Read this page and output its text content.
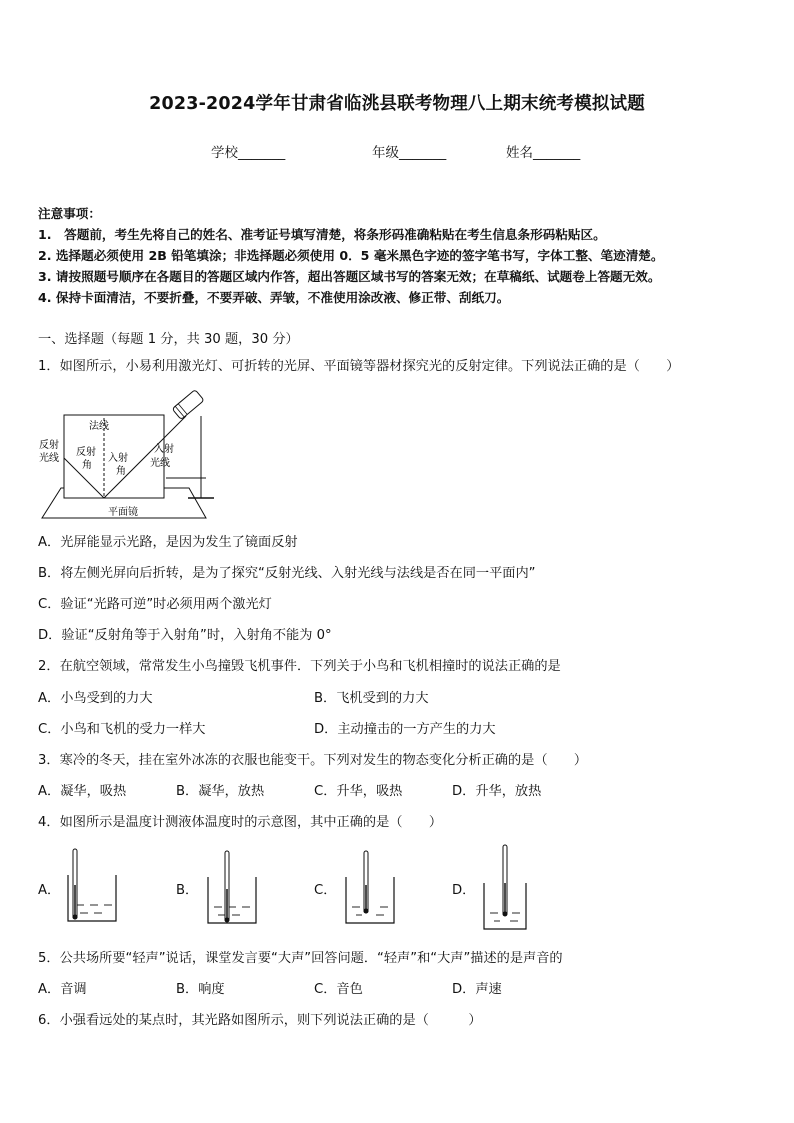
2023-2024学年甘肃省临洮县联考物理八上期末统考模拟试题
学校_______	年级_______	姓名_______
注意事项：
1.　答题前，考生先将自己的姓名、准考证号填写清楚，将条形码准确粘贴在考生信息条形码粘贴区。
2. 选择题必须使用 2B 铅笔填涂；非选择题必须使用 0．5 毫米黑色字迹的签字笔书写，字体工整、笔迹清楚。
3. 请按照题号顺序在各题目的答题区域内作答，超出答题区域书写的答案无效；在草稿纸、试题卷上答题无效。
4. 保持卡面清洁，不要折叠，不要弄破、弄皱，不准使用涂改液、修正带、刮纸刀。
一、选择题（每题 1 分，共 30 题，30 分）
1．如图所示，小易利用激光灯、可折转的光屏、平面镜等器材探究光的反射定律。下列说法正确的是（　　）
法线
反射
光线
反射
角
入射
角
入射
光线
平面镜
A．光屏能显示光路，是因为发生了镜面反射
B．将左侧光屏向后折转，是为了探究“反射光线、入射光线与法线是否在同一平面内”
C．验证“光路可逆”时必须用两个激光灯
D．验证“反射角等于入射角”时，入射角不能为 0°
2．在航空领域，常常发生小鸟撞毁飞机事件．下列关于小鸟和飞机相撞时的说法正确的是
A．小鸟受到的力大	B．飞机受到的力大
C．小鸟和飞机的受力一样大	D．主动撞击的一方产生的力大
3．寒冷的冬天，挂在室外冰冻的衣服也能变干。下列对发生的物态变化分析正确的是（　　）
A．凝华，吸热	B．凝华，放热	C．升华，吸热	D．升华，放热
4．如图所示是温度计测液体温度时的示意图，其中正确的是（　　）
A．	B．	C．	D．
5．公共场所要“轻声”说话，课堂发言要“大声”回答问题．“轻声”和“大声”描述的是声音的
A．音调	B．响度	C．音色	D．声速
6．小强看远处的某点时，其光路如图所示，则下列说法正确的是（　　　）
